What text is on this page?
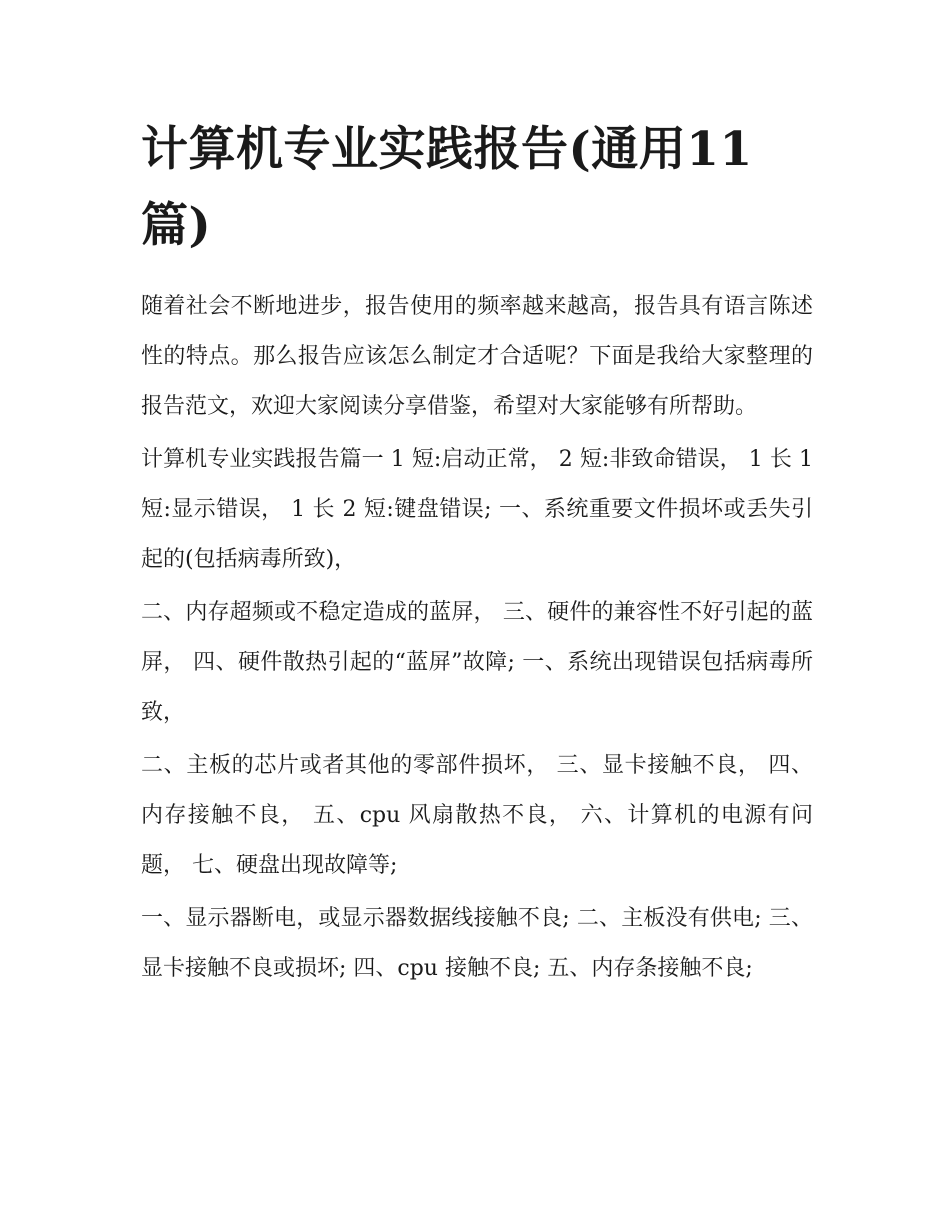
计算机专业实践报告(通用11篇)

随着社会不断地进步，报告使用的频率越来越高，报告具有语言陈述性的特点。那么报告应该怎么制定才合适呢？下面是我给大家整理的报告范文，欢迎大家阅读分享借鉴，希望对大家能够有所帮助。

计算机专业实践报告篇一 1 短:启动正常， 2 短:非致命错误， 1 长 1 短:显示错误， 1 长 2 短:键盘错误; 一、系统重要文件损坏或丢失引起的(包括病毒所致)，

二、内存超频或不稳定造成的蓝屏， 三、硬件的兼容性不好引起的蓝屏， 四、硬件散热引起的“蓝屏”故障; 一、系统出现错误包括病毒所致，

二、主板的芯片或者其他的零部件损坏， 三、显卡接触不良， 四、内存接触不良， 五、cpu 风扇散热不良， 六、计算机的电源有问题， 七、硬盘出现故障等;

一、显示器断电，或显示器数据线接触不良; 二、主板没有供电; 三、显卡接触不良或损坏; 四、cpu 接触不良; 五、内存条接触不良;
